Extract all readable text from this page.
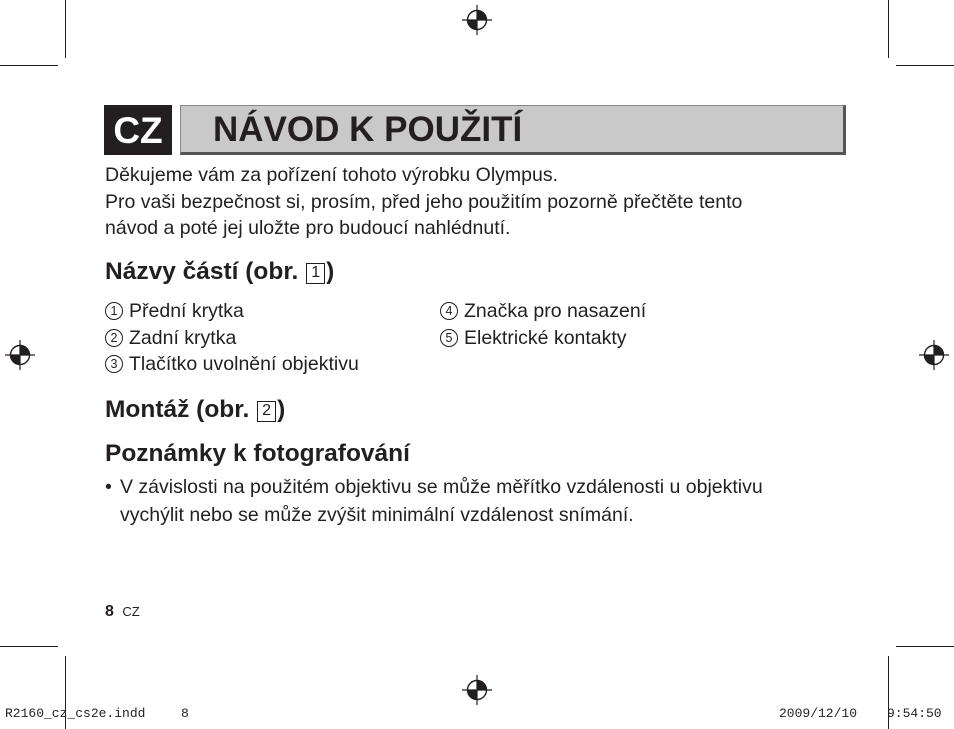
CZ	NÁVOD K POUŽITÍ
Děkujeme vám za pořízení tohoto výrobku Olympus.
Pro vaši bezpečnost si, prosím, před jeho použitím pozorně přečtěte tento
návod a poté jej uložte pro budoucí nahlédnutí.
Názvy částí (obr. 1 )
1 Přední krytka
2 Zadní krytka
3 Tlačítko uvolnění objektivu
4 Značka pro nasazení
5 Elektrické kontakty
Montáž (obr. 2 )
Poznámky k fotografování
• V závislosti na použitém objektivu se může měřítko vzdálenosti u objektivu
vychýlit nebo se může zvýšit minimální vzdálenost snímání.
8 CZ
R2160_cz_cs2e.indd	8	2009/12/10 9:54:50
